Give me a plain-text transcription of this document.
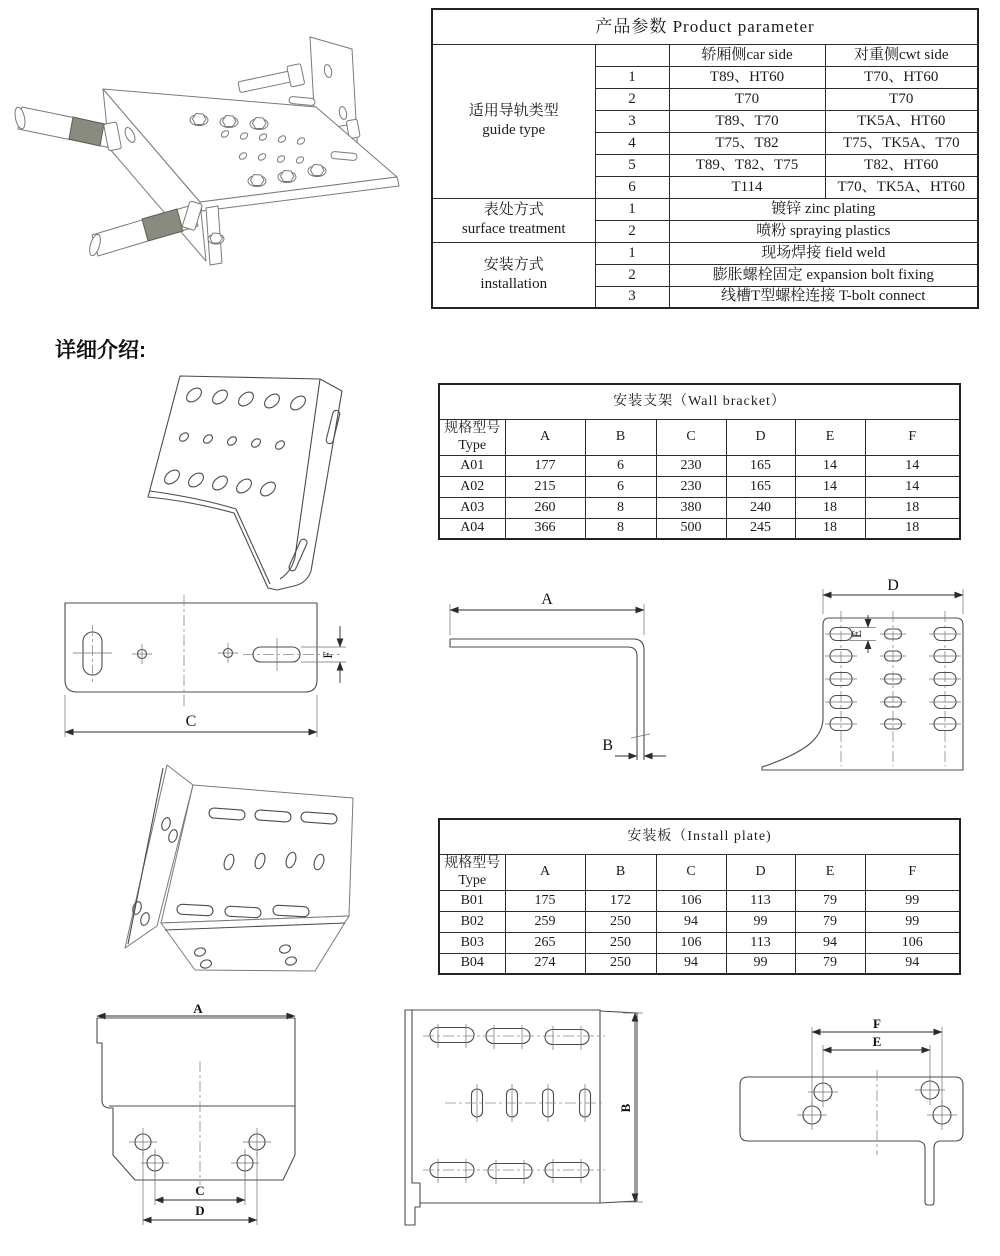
产品参数 Product parameter			

适用导轨类型
guide type		轿厢侧car side	对重侧cwt side
	1	T89、HT60	T70、HT60
	2	T70	T70
	3	T89、T70	TK5A、HT60
	4	T75、T82	T75、TK5A、T70
	5	T89、T82、T75	T82、HT60
	6	T114	T70、TK5A、HT60

表处方式
surface treatment	1	镀锌 zinc plating	
	2	喷粉 spraying plastics	

安装方式
installation	1	现场焊接 field weld	
	2	膨胀螺栓固定 expansion bolt fixing	
	3	线槽T型螺栓连接 T-bolt connect	
详细介绍:
安装支架（Wall bracket）						

规格型号
Type	A	B	C	D	E	F
A01	177	6	230	165	14	14
A02	215	6	230	165	14	14
A03	260	8	380	240	18	18
A04	366	8	500	245	18	18
F
C
A
B
D
E
安装板（Install plate)						

规格型号
Type	A	B	C	D	E	F
B01	175	172	106	113	79	99
B02	259	250	94	99	79	99
B03	265	250	106	113	94	106
B04	274	250	94	99	79	94
A
C
D
B
F
E
